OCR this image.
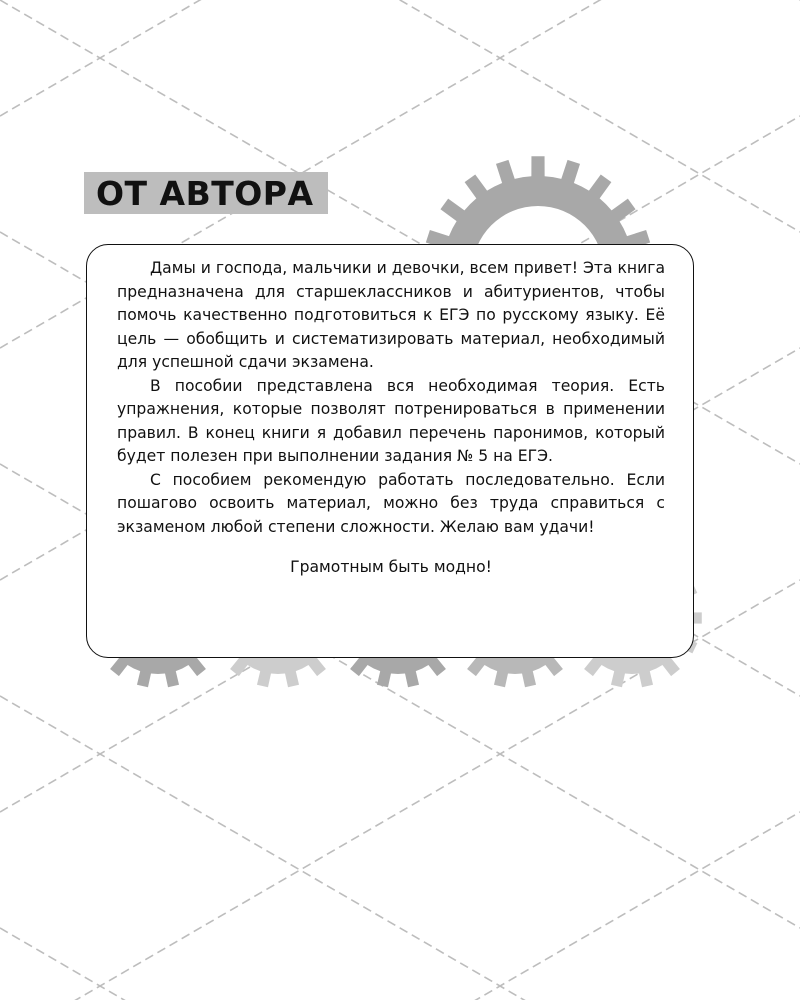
ОТ АВТОРА

Дамы и господа, мальчики и девочки, всем привет! Эта книга предназначена для старшеклассников и абитуриентов, чтобы помочь качественно подготовиться к ЕГЭ по русскому языку. Её цель — обобщить и систематизировать материал, необходимый для успешной сдачи экзамена.

В пособии представлена вся необходимая теория. Есть упражнения, которые позволят потренироваться в применении правил. В конец книги я добавил перечень паронимов, который будет полезен при выполнении задания № 5 на ЕГЭ.

С пособием рекомендую работать последовательно. Если пошагово освоить материал, можно без труда справиться с экзаменом любой степени сложности. Желаю вам удачи!

Грамотным быть модно!
